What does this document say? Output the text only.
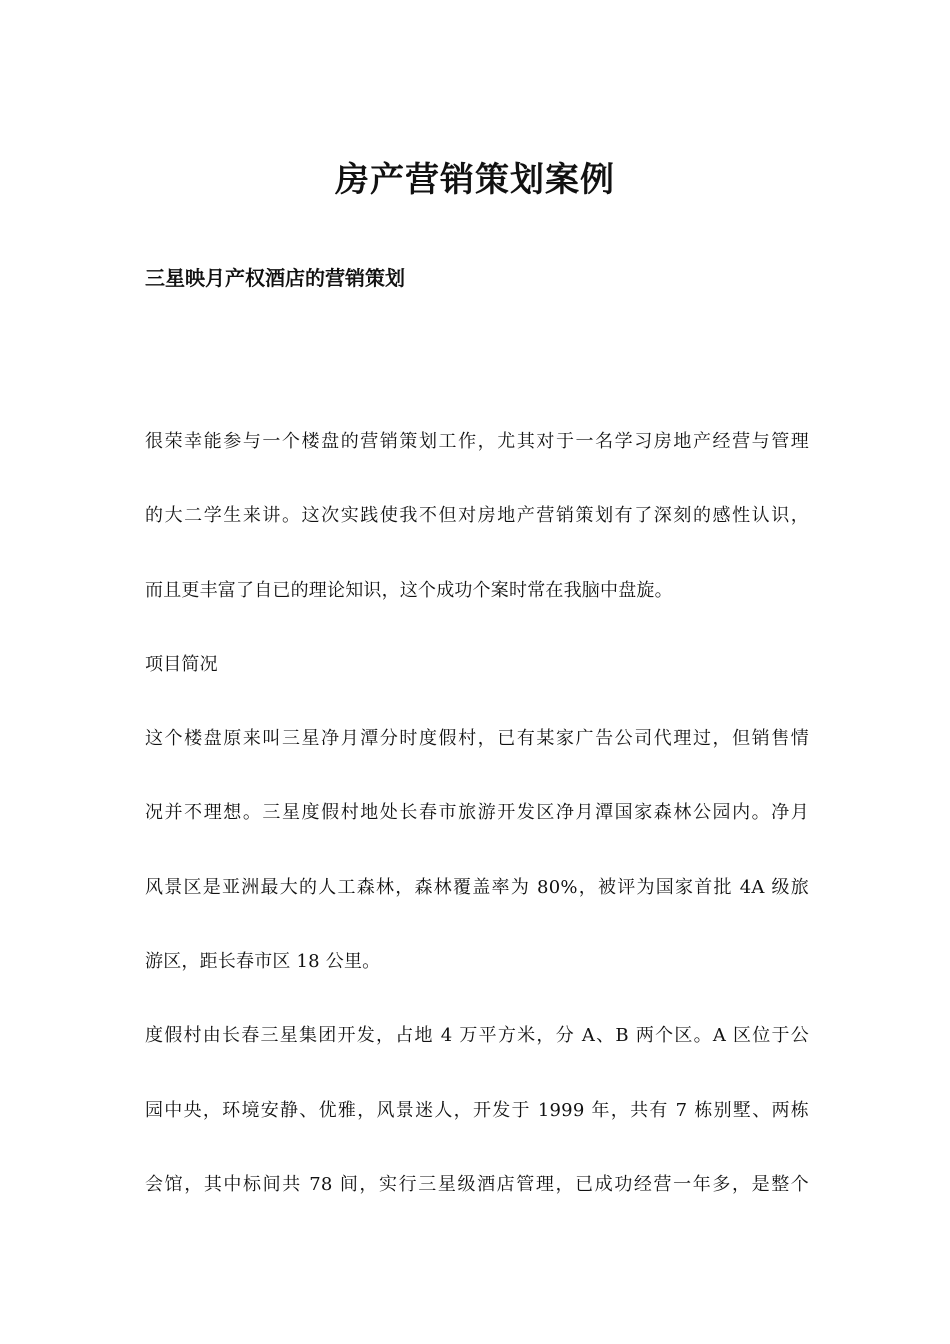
房产营销策划案例
三星映月产权酒店的营销策划
很荣幸能参与一个楼盘的营销策划工作，尤其对于一名学习房地产经营与管理
的大二学生来讲。这次实践使我不但对房地产营销策划有了深刻的感性认识，
而且更丰富了自已的理论知识，这个成功个案时常在我脑中盘旋。
项目简况
这个楼盘原来叫三星净月潭分时度假村，已有某家广告公司代理过，但销售情
况并不理想。三星度假村地处长春市旅游开发区净月潭国家森林公园内。净月
风景区是亚洲最大的人工森林，森林覆盖率为 80%，被评为国家首批 4A 级旅
游区，距长春市区 18 公里。
度假村由长春三星集团开发，占地 4 万平方米，分 A、B 两个区。A 区位于公
园中央，环境安静、优雅，风景迷人，开发于 1999 年，共有 7 栋别墅、两栋
会馆，其中标间共 78 间，实行三星级酒店管理，已成功经营一年多，是整个
